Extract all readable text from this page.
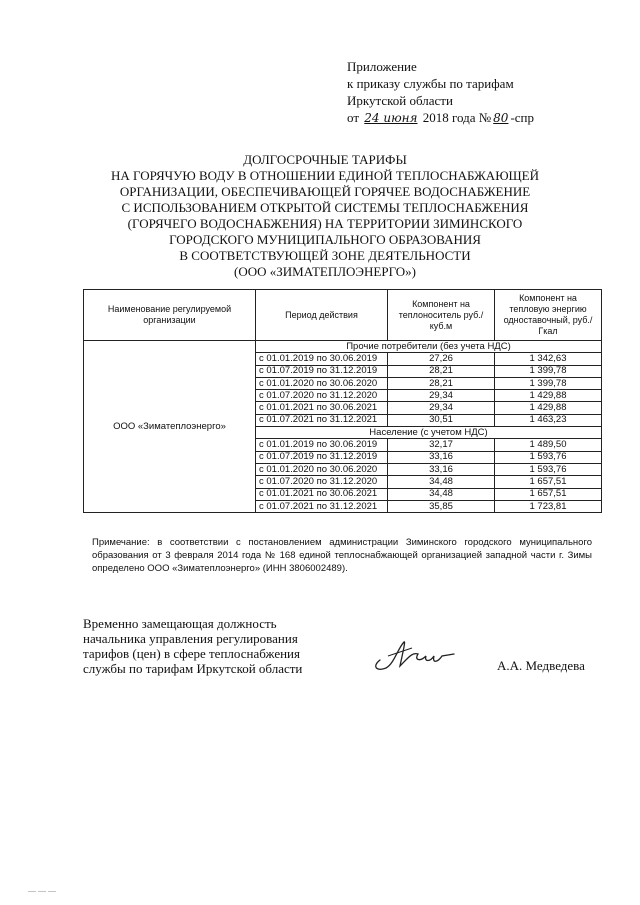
Приложение
к приказу службы по тарифам
Иркутской области
от 24 июня 2018 года № 80 -спр
ДОЛГОСРОЧНЫЕ ТАРИФЫ
НА ГОРЯЧУЮ ВОДУ В ОТНОШЕНИИ ЕДИНОЙ ТЕПЛОСНАБЖАЮЩЕЙ
ОРГАНИЗАЦИИ, ОБЕСПЕЧИВАЮЩЕЙ ГОРЯЧЕЕ ВОДОСНАБЖЕНИЕ
С ИСПОЛЬЗОВАНИЕМ ОТКРЫТОЙ СИСТЕМЫ ТЕПЛОСНАБЖЕНИЯ
(ГОРЯЧЕГО ВОДОСНАБЖЕНИЯ) НА ТЕРРИТОРИИ ЗИМИНСКОГО
ГОРОДСКОГО МУНИЦИПАЛЬНОГО ОБРАЗОВАНИЯ
В СООТВЕТСТВУЮЩЕЙ ЗОНЕ ДЕЯТЕЛЬНОСТИ
(ООО «ЗИМАТЕПЛОЭНЕРГО»)
Наименование регулируемой организации	Период действия	Компонент на теплоноситель руб./куб.м	Компонент на тепловую энергию одноставочный, руб./Гкал
ООО «Зиматеплоэнерго»	Прочие потребители (без учета НДС)		
	с 01.01.2019 по 30.06.2019	27,26	1 342,63
	с 01.07.2019 по 31.12.2019	28,21	1 399,78
	с 01.01.2020 по 30.06.2020	28,21	1 399,78
	с 01.07.2020 по 31.12.2020	29,34	1 429,88
	с 01.01.2021 по 30.06.2021	29,34	1 429,88
	с 01.07.2021 по 31.12.2021	30,51	1 463,23
	Население (с учетом НДС)		
	с 01.01.2019 по 30.06.2019	32,17	1 489,50
	с 01.07.2019 по 31.12.2019	33,16	1 593,76
	с 01.01.2020 по 30.06.2020	33,16	1 593,76
	с 01.07.2020 по 31.12.2020	34,48	1 657,51
	с 01.01.2021 по 30.06.2021	34,48	1 657,51
	с 01.07.2021 по 31.12.2021	35,85	1 723,81
Примечание: в соответствии с постановлением администрации Зиминского городского муниципального образования от 3 февраля 2014 года № 168 единой теплоснабжающей организацией западной части г. Зимы определено ООО «Зиматеплоэнерго» (ИНН 3806002489).
Временно замещающая должность
начальника управления регулирования
тарифов (цен) в сфере теплоснабжения
службы по тарифам Иркутской области	А.А. Медведева
— — —
